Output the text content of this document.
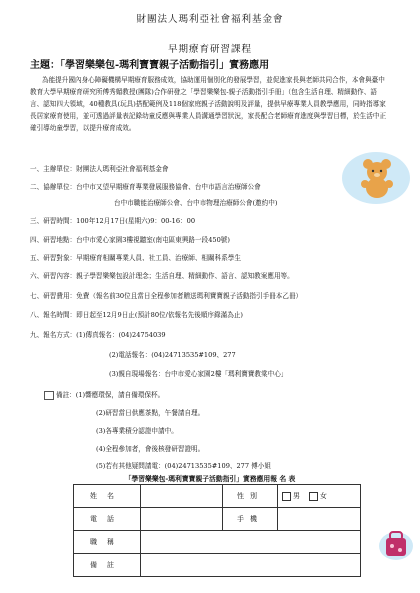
財團法人瑪利亞社會福利基金會
早期療育研習課程
主題：「學習樂樂包-瑪利寶寶親子活動指引」實務應用
為能提升國內身心障礙機構早期療育服務成效，協助運用個別化的發展學習，並促進家長與老師共同合作，本會與臺中教育大學早期療育研究所傅秀媚教授(團隊)合作研發之「學習樂樂包-親子活動指引手冊」（包含生活自理、精細動作、語言、認知四大領域，40種教具(玩具)搭配範例及118個家庭親子活動說明及評量，提供早療專業人員教學應用，同時指導家長居家療育使用，並可透過評量表記錄幼童反應與專業人員溝通學習狀況，家長配合老師療育進度與學習目標，於生活中正確引導幼童學習，以提升療育成效。
一、主辦單位：財團法人瑪利亞社會福利基金會
二、協辦單位：台中市又望早期療育專業發展服務協會、台中市語言治療師公會
台中市職能治療師公會、台中市物理治療師公會(邀約中)
三、研習時間：100年12月17日(星期六)9：00-16：00
四、研習地點：台中市愛心家園3樓視聽室(南屯區東興路一段450號)
五、研習對象：早期療育相關專業人員、社工員、治療師、相關科系學生
六、研習內容：親子學習樂樂包設計理念；生活自理、精細動作、語言、認知教案應用等。
七、研習費用：免費（報名前30位且當日全程參加者贈送瑪利寶寶親子活動指引手冊本乙冊）
八、報名時間：即日起至12月9日止(預計80位/依報名先後順序錄滿為止)
九、報名方式：(1)傳真報名：(04)24754039
(2)電話報名：(04)24713535#109、277
(3)親自現場報名：台中市愛心家園2樓「瑪利寶寶教棠中心」
備註：(1)響應環保，請自備環保杯。
(2)研習當日供應茶點，午餐請自理。
(3)各專業積分認證申請中。
(4)全程參加者，會後核發研習證明。
(5)若有其他疑問請電：(04)24713535#109、277 傅小姐
「學習樂樂包-瑪利寶寶親子活動指引」實務應用報 名 表
姓名		性別	男 女
電話		手機	
職稱			
備註			
